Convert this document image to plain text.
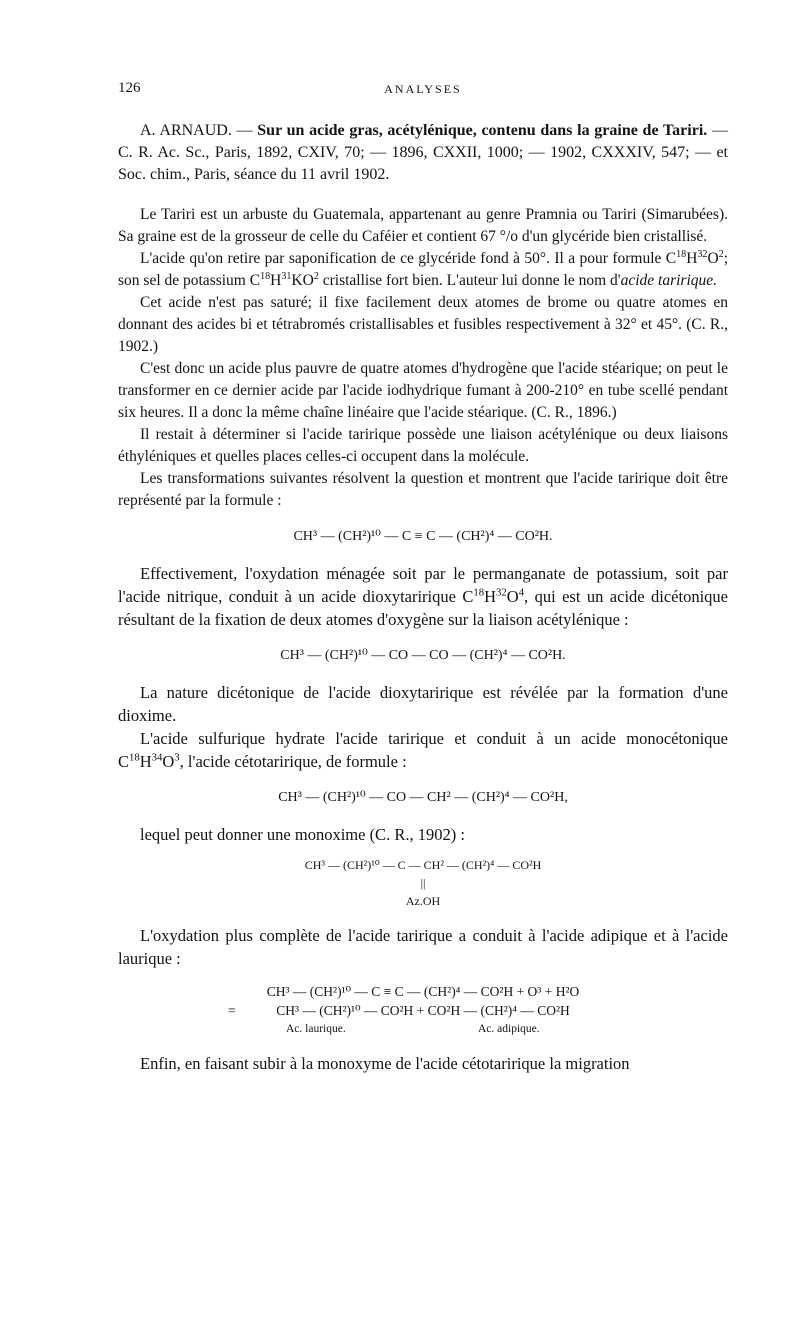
126	ANALYSES

A. ARNAUD. — Sur un acide gras, acétylénique, contenu dans la graine de Tariri. — C. R. Ac. Sc., Paris, 1892, CXIV, 70; — 1896, CXXII, 1000; — 1902, CXXXIV, 547; — et Soc. chim., Paris, séance du 11 avril 1902.

Le Tariri est un arbuste du Guatemala, appartenant au genre Pramnia ou Tariri (Simarubées). Sa graine est de la grosseur de celle du Caféier et contient 67 °/o d'un glycéride bien cristallisé.

L'acide qu'on retire par saponification de ce glycéride fond à 50°. Il a pour formule $C^{18}H^{32}O^2$; son sel de potassium $C^{18}H^{31}KO^2$ cristallise fort bien. L'auteur lui donne le nom d'acide taririque.

Cet acide n'est pas saturé; il fixe facilement deux atomes de brome ou quatre atomes en donnant des acides bi et tétrabromés cristallisables et fusibles respectivement à 32° et 45°. (C. R., 1902.)

C'est donc un acide plus pauvre de quatre atomes d'hydrogène que l'acide stéarique; on peut le transformer en ce dernier acide par l'acide iodhydrique fumant à 200-210° en tube scellé pendant six heures. Il a donc la même chaîne linéaire que l'acide stéarique. (C. R., 1896.)

Il restait à déterminer si l'acide taririque possède une liaison acétylénique ou deux liaisons éthyléniques et quelles places celles-ci occupent dans la molécule.

Les transformations suivantes résolvent la question et montrent que l'acide taririque doit être représenté par la formule :

CH³ — (CH²)¹⁰ — C ≡ C — (CH²)⁴ — CO²H.

Effectivement, l'oxydation ménagée soit par le permanganate de potassium, soit par l'acide nitrique, conduit à un acide dioxytaririque $C^{18}H^{32}O^4$, qui est un acide dicétonique résultant de la fixation de deux atomes d'oxygène sur la liaison acétylénique :

CH³ — (CH²)¹⁰ — CO — CO — (CH²)⁴ — CO²H.

La nature dicétonique de l'acide dioxytaririque est révélée par la formation d'une dioxime.

L'acide sulfurique hydrate l'acide taririque et conduit à un acide monocétonique $C^{18}H^{34}O^3$, l'acide cétotaririque, de formule :

CH³ — (CH²)¹⁰ — CO — CH² — (CH²)⁴ — CO²H,

lequel peut donner une monoxime (C. R., 1902) :

CH³ — (CH²)¹⁰ — C — CH² — (CH²)⁴ — CO²H
||
Az.OH

L'oxydation plus complète de l'acide taririque a conduit à l'acide adipique et à l'acide laurique :

CH³ — (CH²)¹⁰ — C ≡ C — (CH²)⁴ — CO²H + O³ + H²O
=	CH³ — (CH²)¹⁰ — CO²H + CO²H — (CH²)⁴ — CO²H
Ac. laurique.	Ac. adipique.

Enfin, en faisant subir à la monoxyme de l'acide cétotaririque la migration
